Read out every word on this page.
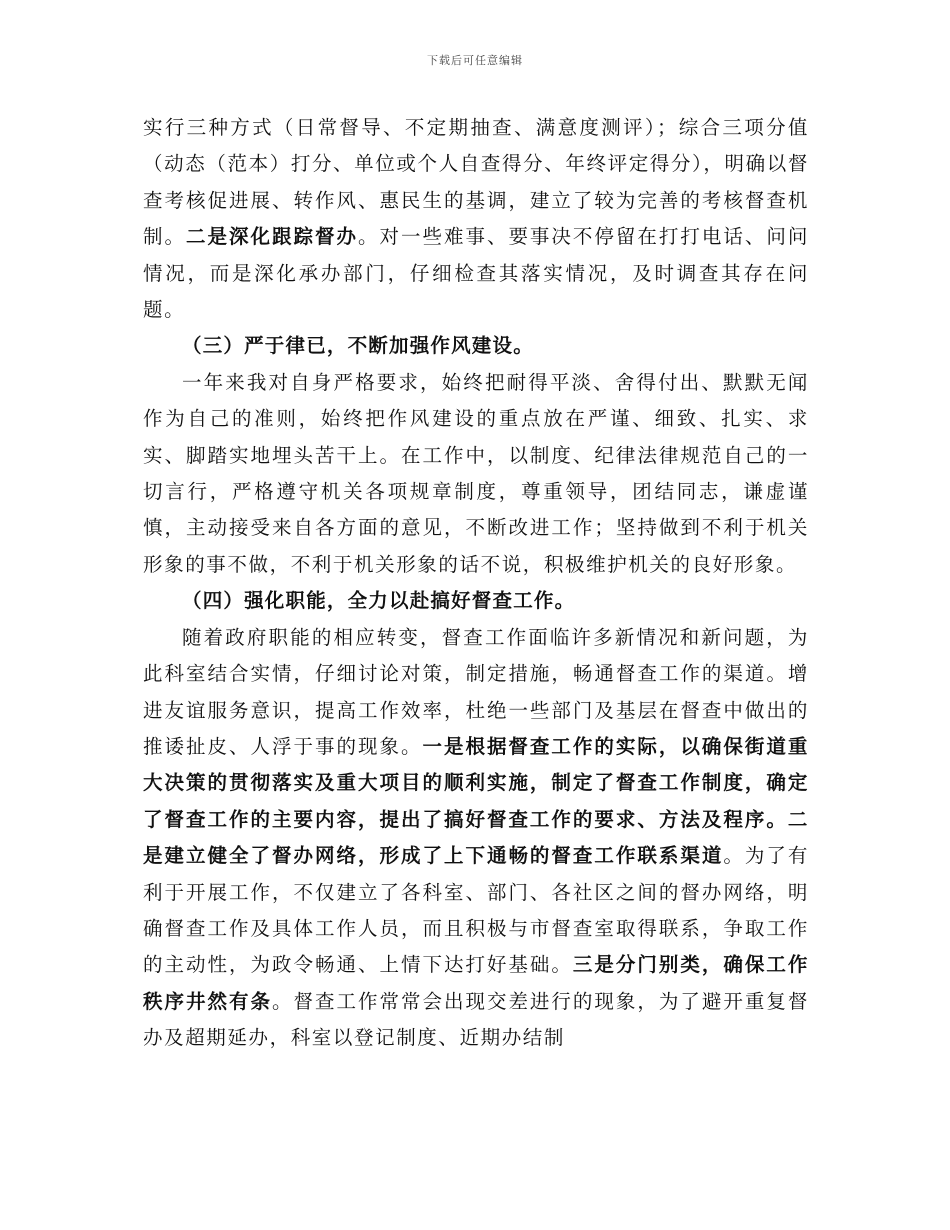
下载后可任意编辑

实行三种方式（日常督导、不定期抽查、满意度测评）；综合三项分值（动态（范本）打分、单位或个人自查得分、年终评定得分），明确以督查考核促进展、转作风、惠民生的基调，建立了较为完善的考核督查机制。二是深化跟踪督办。对一些难事、要事决不停留在打打电话、问问情况，而是深化承办部门，仔细检查其落实情况，及时调查其存在问题。

（三）严于律已，不断加强作风建设。

一年来我对自身严格要求，始终把耐得平淡、舍得付出、默默无闻作为自己的准则，始终把作风建设的重点放在严谨、细致、扎实、求实、脚踏实地埋头苦干上。在工作中，以制度、纪律法律规范自己的一切言行，严格遵守机关各项规章制度，尊重领导，团结同志，谦虚谨慎，主动接受来自各方面的意见，不断改进工作；坚持做到不利于机关形象的事不做，不利于机关形象的话不说，积极维护机关的良好形象。

（四）强化职能，全力以赴搞好督查工作。

随着政府职能的相应转变，督查工作面临许多新情况和新问题，为此科室结合实情，仔细讨论对策，制定措施，畅通督查工作的渠道。增进友谊服务意识，提高工作效率，杜绝一些部门及基层在督查中做出的推诿扯皮、人浮于事的现象。一是根据督查工作的实际，以确保街道重大决策的贯彻落实及重大项目的顺利实施，制定了督查工作制度，确定了督查工作的主要内容，提出了搞好督查工作的要求、方法及程序。二是建立健全了督办网络，形成了上下通畅的督查工作联系渠道。为了有利于开展工作，不仅建立了各科室、部门、各社区之间的督办网络，明确督查工作及具体工作人员，而且积极与市督查室取得联系，争取工作的主动性，为政令畅通、上情下达打好基础。三是分门别类，确保工作秩序井然有条。督查工作常常会出现交差进行的现象，为了避开重复督办及超期延办，科室以登记制度、近期办结制
